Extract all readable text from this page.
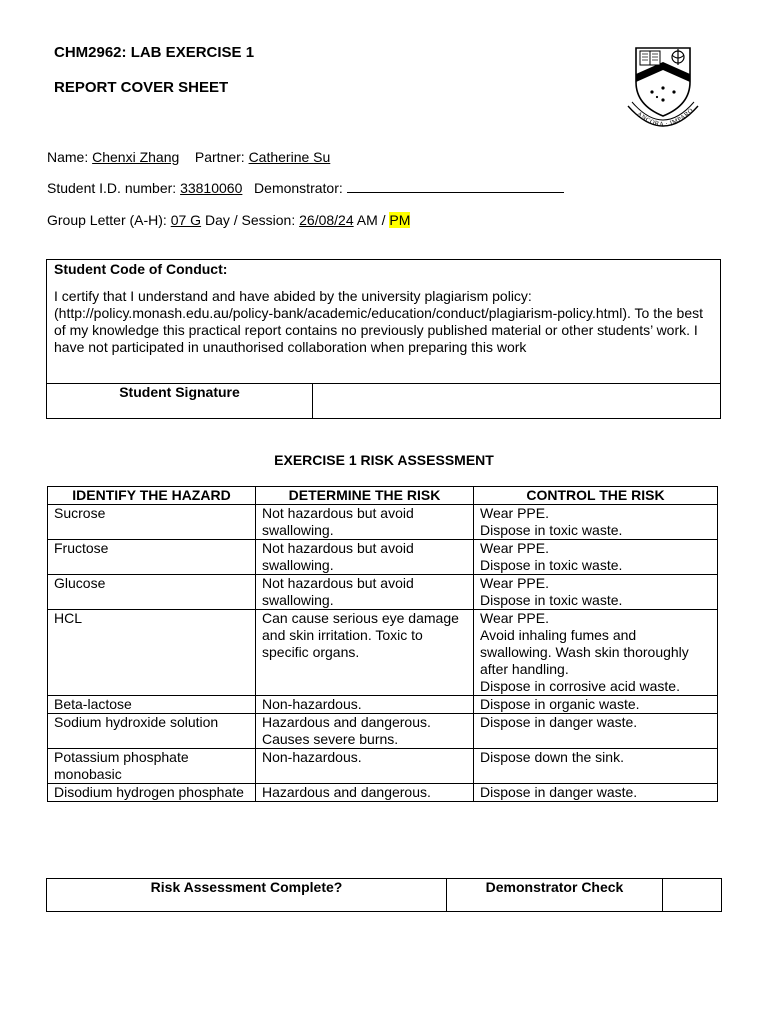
CHM2962: LAB EXERCISE 1
REPORT COVER SHEET
ANCORA · IMPARO
Name: Chenxi Zhang Partner: Catherine Su
Student I.D. number: 33810060 Demonstrator:
Group Letter (A-H): 07 G Day / Session: 26/08/24 AM / PM
Student Code of Conduct:
I certify that I understand and have abided by the university plagiarism policy: (http://policy.monash.edu.au/policy-bank/academic/education/conduct/plagiarism-policy.html). To the best of my knowledge this practical report contains no previously published material or other students’ work. I have not participated in unauthorised collaboration when preparing this work
Student Signature
EXERCISE 1 RISK ASSESSMENT
IDENTIFY THE HAZARD	DETERMINE THE RISK	CONTROL THE RISK
Sucrose	Not hazardous but avoid swallowing.	Wear PPE.
Dispose in toxic waste.
Fructose	Not hazardous but avoid swallowing.	Wear PPE.
Dispose in toxic waste.
Glucose	Not hazardous but avoid swallowing.	Wear PPE.
Dispose in toxic waste.
HCL	Can cause serious eye damage and skin irritation. Toxic to specific organs.	Wear PPE.
Avoid inhaling fumes and swallowing. Wash skin thoroughly after handling.
Dispose in corrosive acid waste.
Beta-lactose	Non-hazardous.	Dispose in organic waste.
Sodium hydroxide solution	Hazardous and dangerous. Causes severe burns.	Dispose in danger waste.
Potassium phosphate monobasic	Non-hazardous.	Dispose down the sink.
Disodium hydrogen phosphate	Hazardous and dangerous.	Dispose in danger waste.
Risk Assessment Complete?	Demonstrator Check	
